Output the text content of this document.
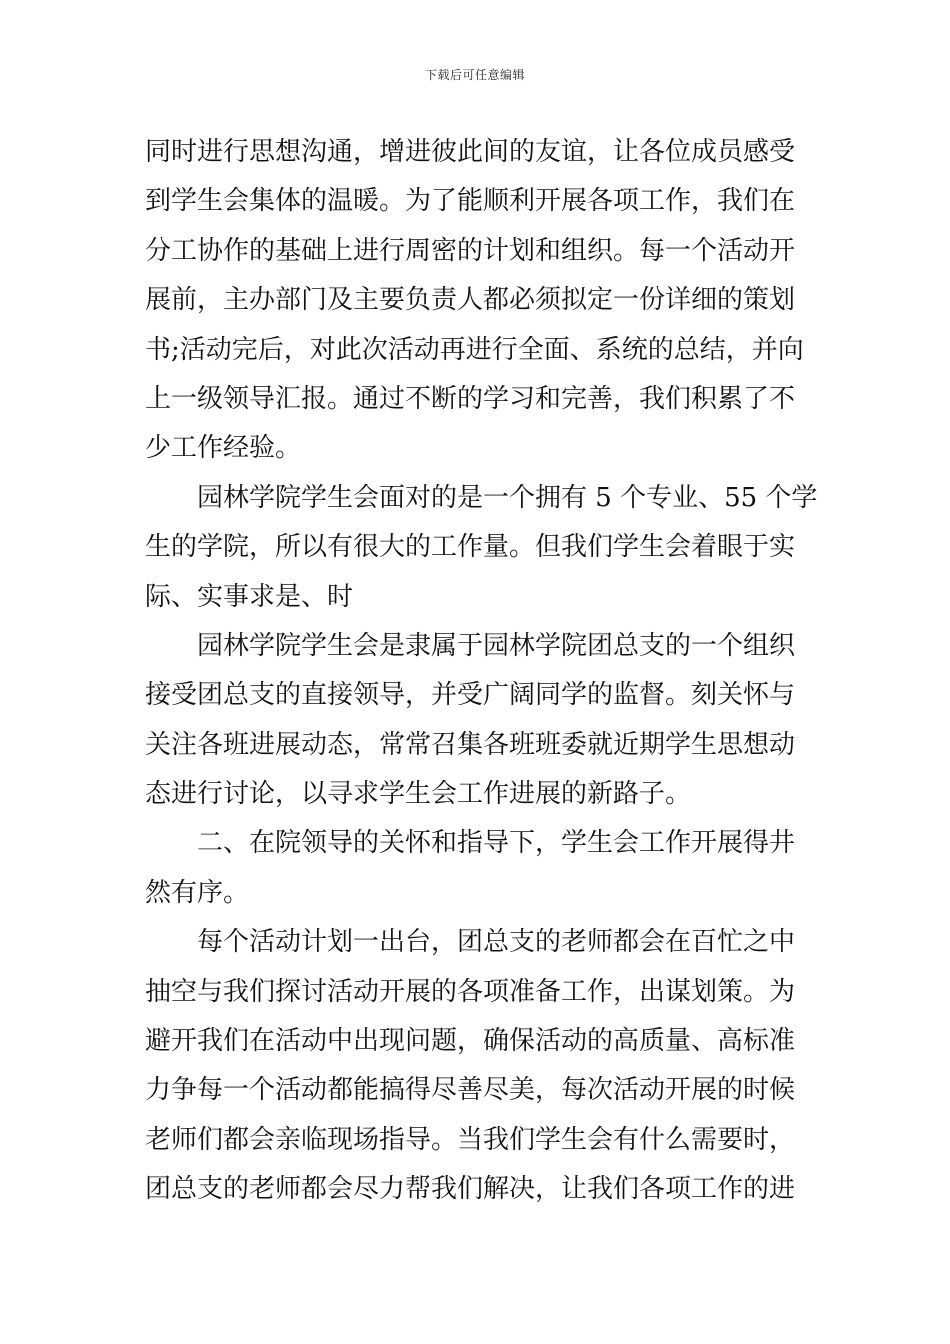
下载后可任意编辑
同时进行思想沟通，增进彼此间的友谊，让各位成员感受
到学生会集体的温暖。为了能顺利开展各项工作，我们在
分工协作的基础上进行周密的计划和组织。每一个活动开
展前，主办部门及主要负责人都必须拟定一份详细的策划
书;活动完后，对此次活动再进行全面、系统的总结，并向
上一级领导汇报。通过不断的学习和完善，我们积累了不
少工作经验。
园林学院学生会面对的是一个拥有 5 个专业、55 个学
生的学院，所以有很大的工作量。但我们学生会着眼于实
际、实事求是、时
园林学院学生会是隶属于园林学院团总支的一个组织
接受团总支的直接领导，并受广阔同学的监督。刻关怀与
关注各班进展动态，常常召集各班班委就近期学生思想动
态进行讨论，以寻求学生会工作进展的新路子。
二、在院领导的关怀和指导下，学生会工作开展得井
然有序。
每个活动计划一出台，团总支的老师都会在百忙之中
抽空与我们探讨活动开展的各项准备工作，出谋划策。为
避开我们在活动中出现问题，确保活动的高质量、高标准
力争每一个活动都能搞得尽善尽美，每次活动开展的时候
老师们都会亲临现场指导。当我们学生会有什么需要时，
团总支的老师都会尽力帮我们解决，让我们各项工作的进
